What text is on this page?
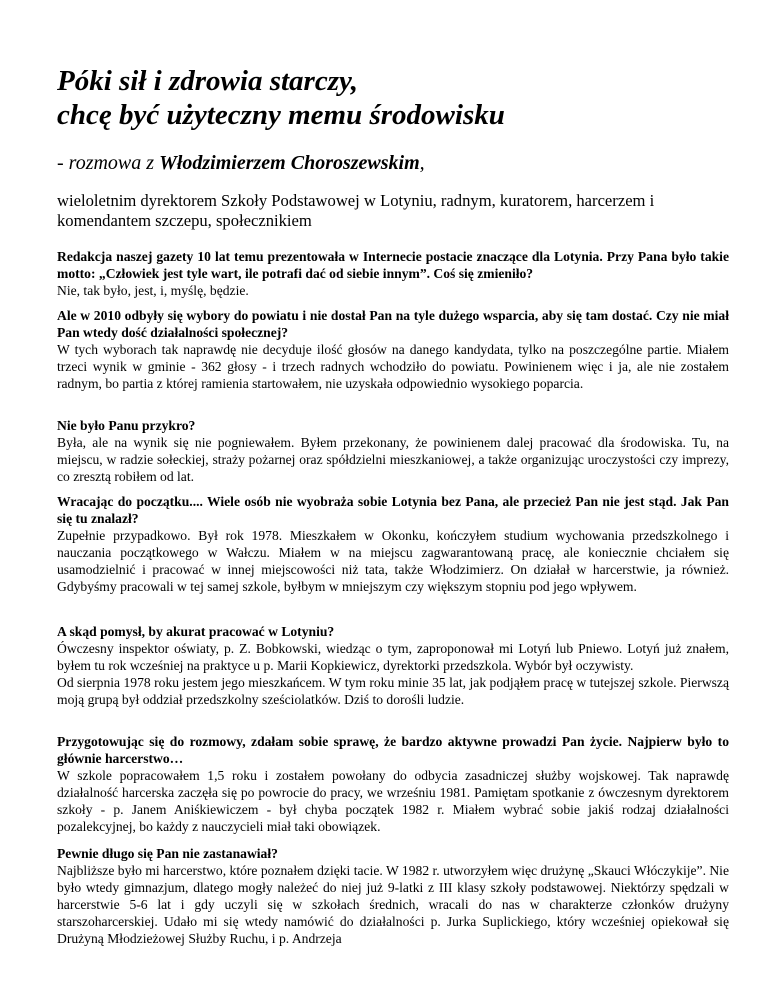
Póki sił i zdrowia starczy,
chcę być użyteczny memu środowisku

- rozmowa z Włodzimierzem Choroszewskim,

wieloletnim dyrektorem Szkoły Podstawowej w Lotyniu, radnym, kuratorem, harcerzem i komendantem szczepu, społecznikiem

Redakcja naszej gazety 10 lat temu prezentowała w Internecie postacie znaczące dla Lotynia. Przy Pana było takie motto: „Człowiek jest tyle wart, ile potrafi dać od siebie innym”. Coś się zmieniło?

Nie, tak było, jest, i, myślę, będzie.

Ale w 2010 odbyły się wybory do powiatu i nie dostał Pan na tyle dużego wsparcia, aby się tam dostać. Czy nie miał Pan wtedy dość działalności społecznej?

W tych wyborach tak naprawdę nie decyduje ilość głosów na danego kandydata, tylko na poszczególne partie. Miałem trzeci wynik w gminie - 362 głosy - i trzech radnych wchodziło do powiatu. Powinienem więc i ja, ale nie zostałem radnym, bo partia z której ramienia startowałem, nie uzyskała odpowiednio wysokiego poparcia.

Nie było Panu przykro?

Była, ale na wynik się nie pogniewałem. Byłem przekonany, że powinienem dalej pracować dla środowiska. Tu, na miejscu, w radzie sołeckiej, straży pożarnej oraz spółdzielni mieszkaniowej, a także organizując uroczystości czy imprezy, co zresztą robiłem od lat.

Wracając do początku.... Wiele osób nie wyobraża sobie Lotynia bez Pana, ale przecież Pan nie jest stąd. Jak Pan się tu znalazł?

Zupełnie przypadkowo. Był rok 1978. Mieszkałem w Okonku, kończyłem studium wychowania przedszkolnego i nauczania początkowego w Wałczu. Miałem w na miejscu zagwarantowaną pracę, ale koniecznie chciałem się usamodzielnić i pracować w innej miejscowości niż tata, także Włodzimierz. On działał w harcerstwie, ja również. Gdybyśmy pracowali w tej samej szkole, byłbym w mniejszym czy większym stopniu pod jego wpływem.

A skąd pomysł, by akurat pracować w Lotyniu?

Ówczesny inspektor oświaty, p. Z. Bobkowski, wiedząc o tym, zaproponował mi Lotyń lub Pniewo. Lotyń już znałem, byłem tu rok wcześniej na praktyce u p. Marii Kopkiewicz, dyrektorki przedszkola. Wybór był oczywisty.

Od sierpnia 1978 roku jestem jego mieszkańcem. W tym roku minie 35 lat, jak podjąłem pracę w tutejszej szkole. Pierwszą moją grupą był oddział przedszkolny sześciolatków. Dziś to dorośli ludzie.

Przygotowując się do rozmowy, zdałam sobie sprawę, że bardzo aktywne prowadzi Pan życie. Najpierw było to głównie harcerstwo…

W szkole popracowałem 1,5 roku i zostałem powołany do odbycia zasadniczej służby wojskowej. Tak naprawdę działalność harcerska zaczęła się po powrocie do pracy, we wrześniu 1981. Pamiętam spotkanie z ówczesnym dyrektorem szkoły - p. Janem Aniśkiewiczem - był chyba początek 1982 r. Miałem wybrać sobie jakiś rodzaj działalności pozalekcyjnej, bo każdy z nauczycieli miał taki obowiązek.

Pewnie długo się Pan nie zastanawiał?

Najbliższe było mi harcerstwo, które poznałem dzięki tacie. W 1982 r. utworzyłem więc drużynę „Skauci Włóczykije”. Nie było wtedy gimnazjum, dlatego mogły należeć do niej już 9-latki z III klasy szkoły podstawowej. Niektórzy spędzali w harcerstwie 5-6 lat i gdy uczyli się w szkołach średnich, wracali do nas w charakterze członków drużyny starszoharcerskiej. Udało mi się wtedy namówić do działalności p. Jurka Suplickiego, który wcześniej opiekował się Drużyną Młodzieżowej Służby Ruchu, i p. Andrzeja
